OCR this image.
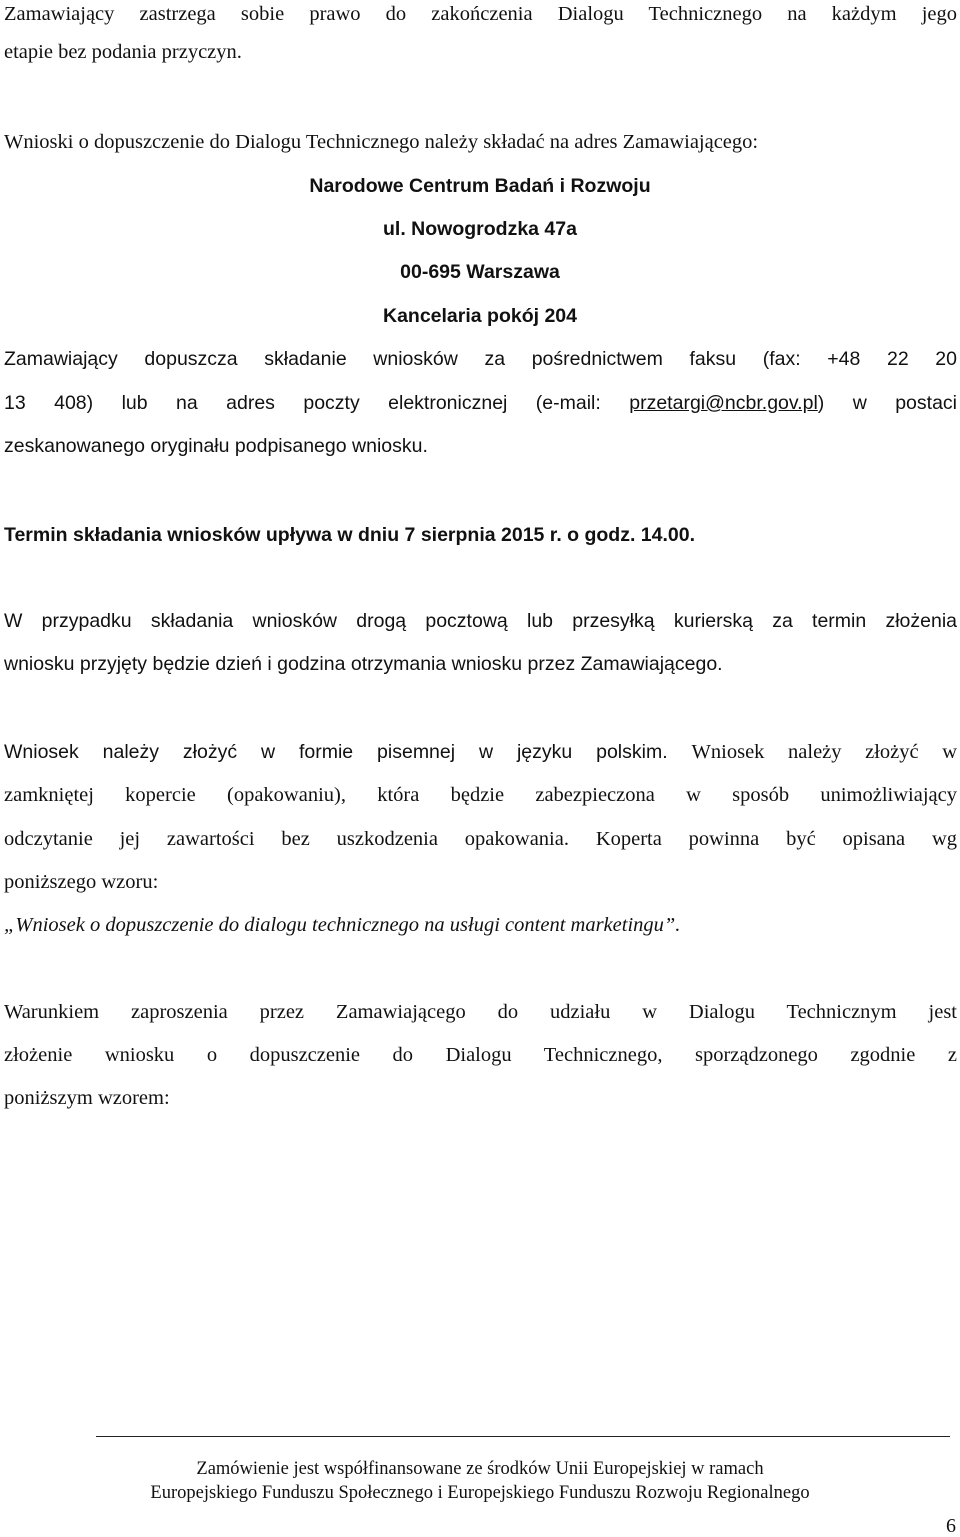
Zamawiający zastrzega sobie prawo do zakończenia Dialogu Technicznego na każdym jego
etapie bez podania przyczyn.
Wnioski o dopuszczenie do Dialogu Technicznego należy składać na adres Zamawiającego:
Narodowe Centrum Badań i Rozwoju
ul. Nowogrodzka 47a
00-695 Warszawa
Kancelaria pokój 204
Zamawiający dopuszcza składanie wniosków za pośrednictwem faksu (fax: +48 22 20
13 408) lub na adres poczty elektronicznej (e-mail: przetargi@ncbr.gov.pl) w postaci
zeskanowanego oryginału podpisanego wniosku.
Termin składania wniosków upływa w dniu 7 sierpnia 2015 r. o godz. 14.00.
W przypadku składania wniosków drogą pocztową lub przesyłką kurierską za termin złożenia
wniosku przyjęty będzie dzień i godzina otrzymania wniosku przez Zamawiającego.
Wniosek należy złożyć w formie pisemnej w języku polskim. Wniosek należy złożyć w
zamkniętej kopercie (opakowaniu), która będzie zabezpieczona w sposób unimożliwiający
odczytanie jej zawartości bez uszkodzenia opakowania. Koperta powinna być opisana wg
poniższego wzoru:
„Wniosek o dopuszczenie do dialogu technicznego na usługi content marketingu”.
Warunkiem zaproszenia przez Zamawiającego do udziału w Dialogu Technicznym jest
złożenie wniosku o dopuszczenie do Dialogu Technicznego, sporządzonego zgodnie z
poniższym wzorem:
Zamówienie jest współfinansowane ze środków Unii Europejskiej w ramach
Europejskiego Funduszu Społecznego i Europejskiego Funduszu Rozwoju Regionalnego
6
